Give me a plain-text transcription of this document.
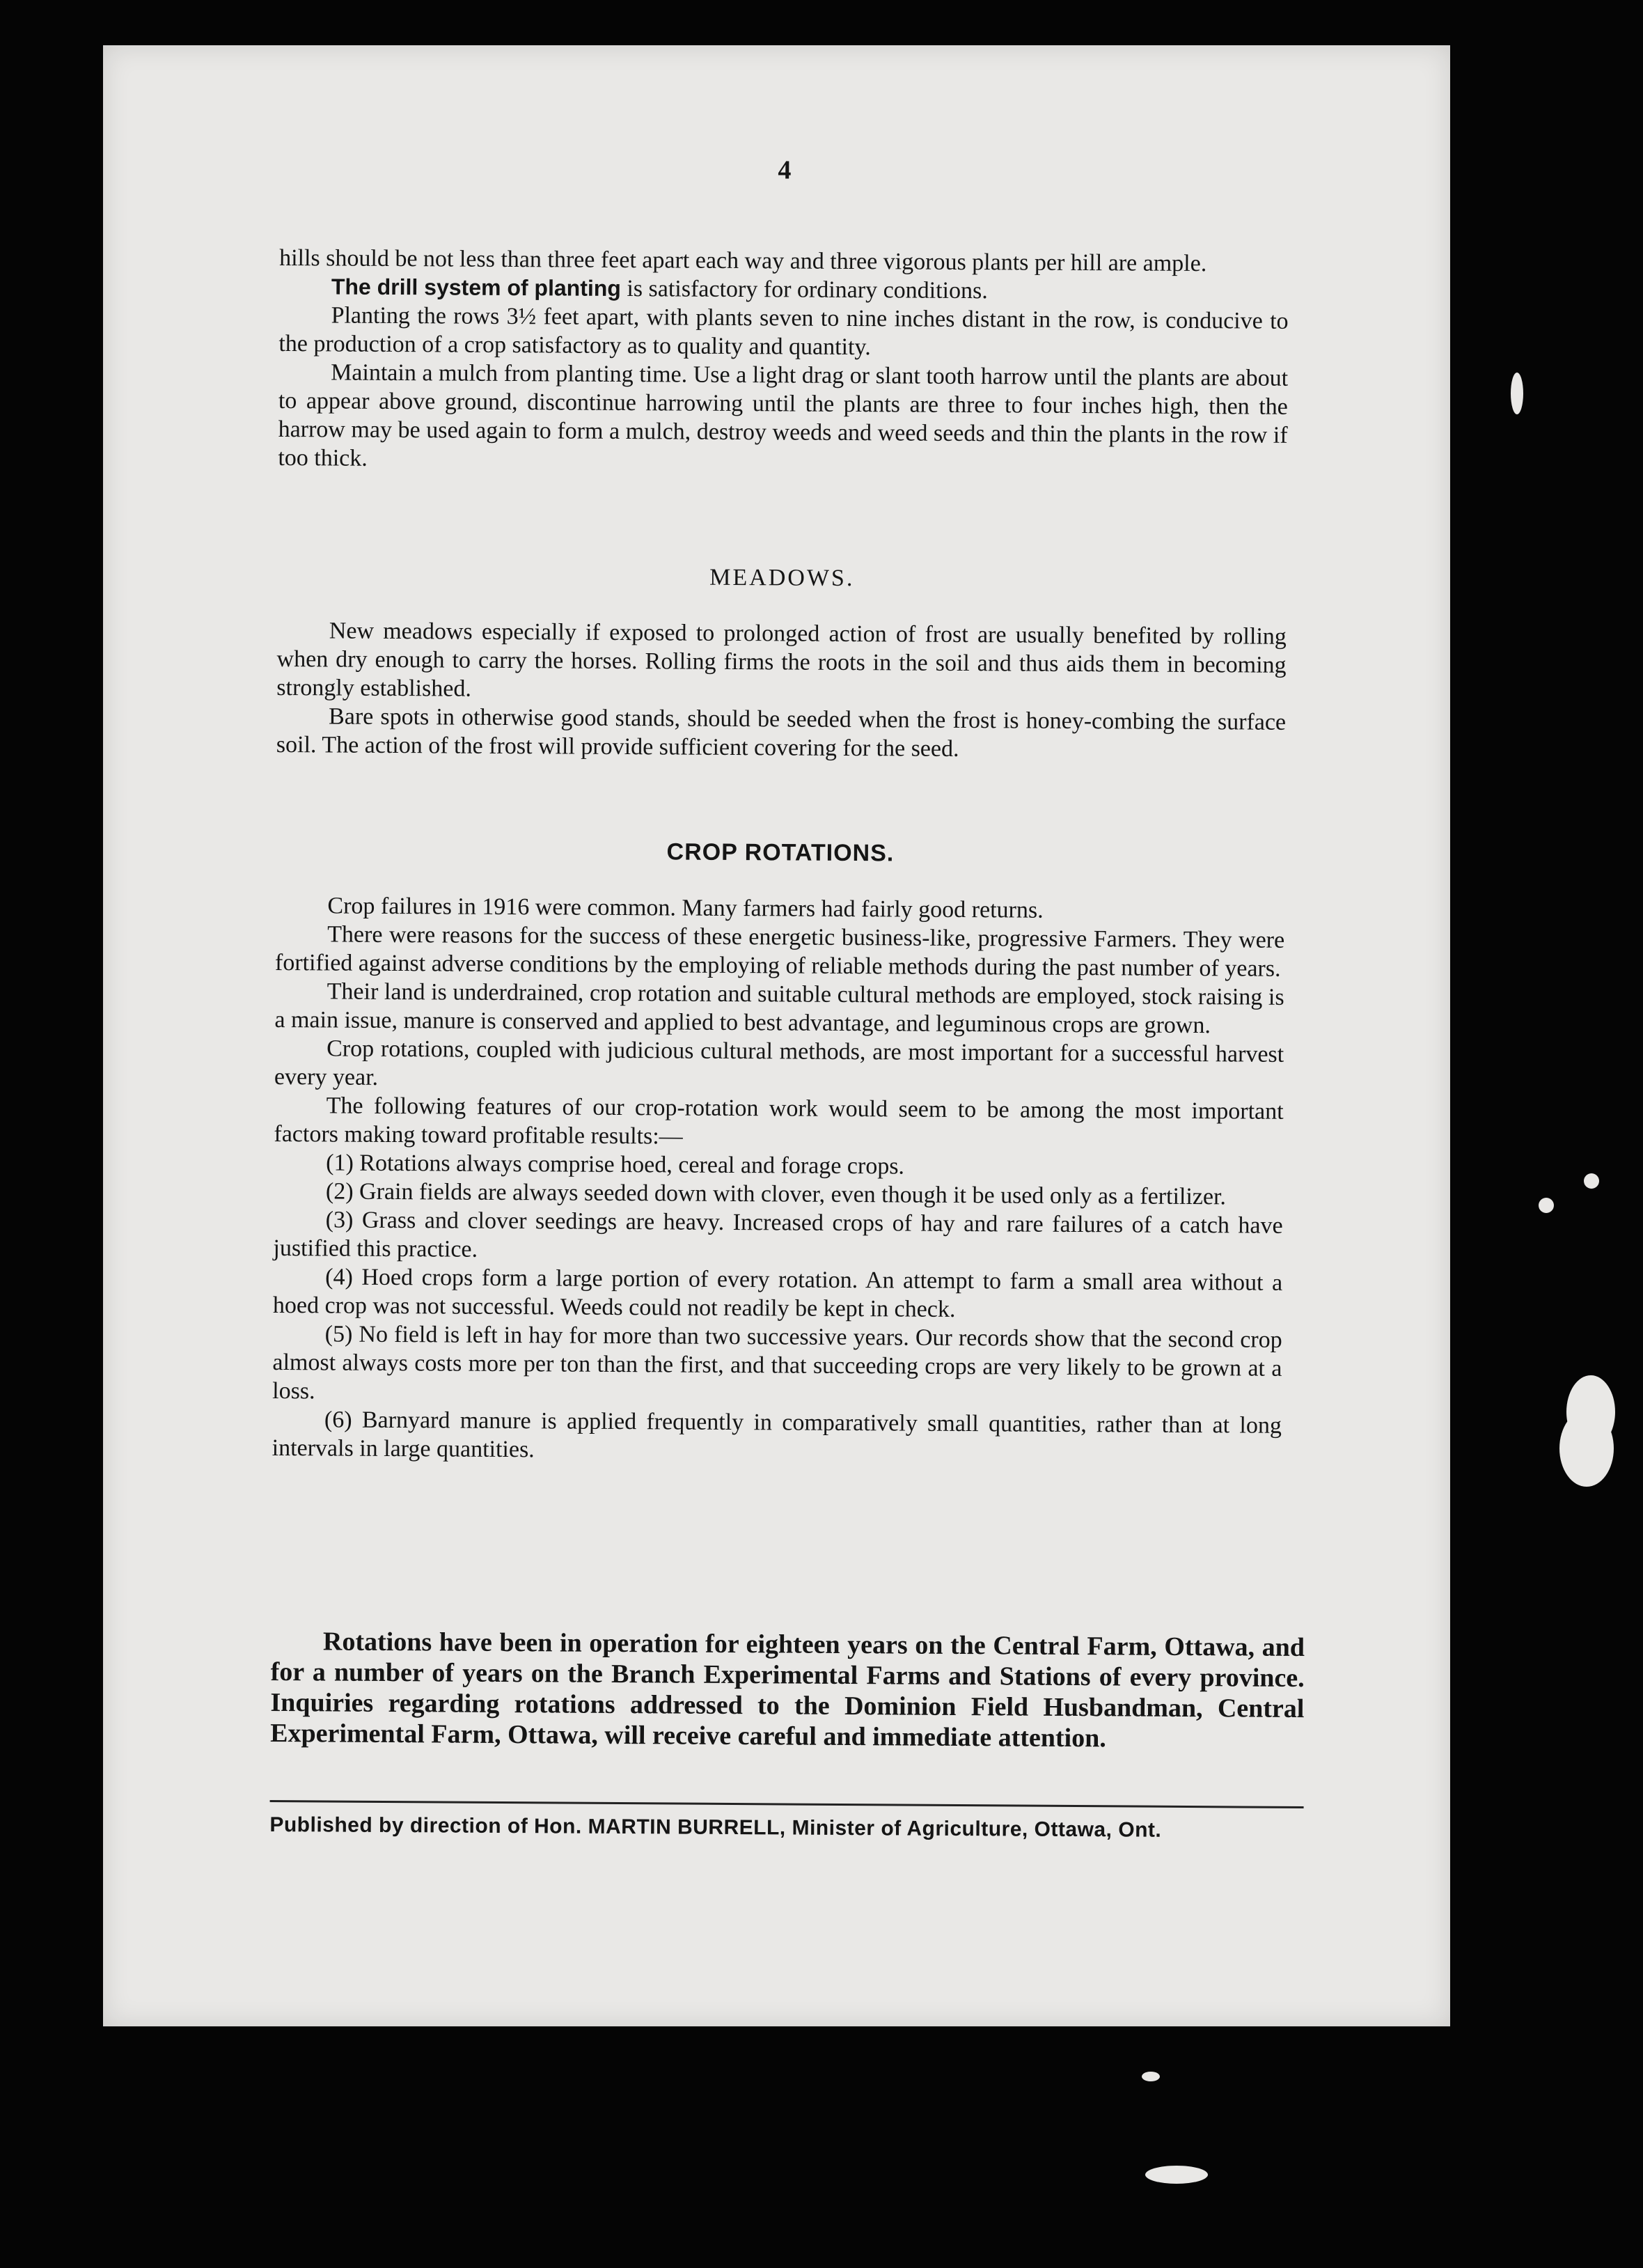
4

hills should be not less than three feet apart each way and three vigorous plants per hill are ample.

The drill system of planting is satisfactory for ordinary conditions.

Planting the rows 3½ feet apart, with plants seven to nine inches distant in the row, is conducive to the production of a crop satisfactory as to quality and quantity.

Maintain a mulch from planting time. Use a light drag or slant tooth harrow until the plants are about to appear above ground, discontinue harrowing until the plants are three to four inches high, then the harrow may be used again to form a mulch, destroy weeds and weed seeds and thin the plants in the row if too thick.

MEADOWS.

New meadows especially if exposed to prolonged action of frost are usually benefited by rolling when dry enough to carry the horses. Rolling firms the roots in the soil and thus aids them in becoming strongly established.

Bare spots in otherwise good stands, should be seeded when the frost is honey-combing the surface soil. The action of the frost will provide sufficient covering for the seed.

CROP ROTATIONS.

Crop failures in 1916 were common. Many farmers had fairly good returns.

There were reasons for the success of these energetic business-like, progressive Farmers. They were fortified against adverse conditions by the employing of reliable methods during the past number of years.

Their land is underdrained, crop rotation and suitable cultural methods are employed, stock raising is a main issue, manure is conserved and applied to best advantage, and leguminous crops are grown.

Crop rotations, coupled with judicious cultural methods, are most important for a successful harvest every year.

The following features of our crop-rotation work would seem to be among the most important factors making toward profitable results:—

(1) Rotations always comprise hoed, cereal and forage crops.

(2) Grain fields are always seeded down with clover, even though it be used only as a fertilizer.

(3) Grass and clover seedings are heavy. Increased crops of hay and rare failures of a catch have justified this practice.

(4) Hoed crops form a large portion of every rotation. An attempt to farm a small area without a hoed crop was not successful. Weeds could not readily be kept in check.

(5) No field is left in hay for more than two successive years. Our records show that the second crop almost always costs more per ton than the first, and that succeeding crops are very likely to be grown at a loss.

(6) Barnyard manure is applied frequently in comparatively small quantities, rather than at long intervals in large quantities.

Rotations have been in operation for eighteen years on the Central Farm, Ottawa, and for a number of years on the Branch Experimental Farms and Stations of every province. Inquiries regarding rotations addressed to the Dominion Field Husbandman, Central Experimental Farm, Ottawa, will receive careful and immediate attention.

Published by direction of Hon. MARTIN BURRELL, Minister of Agriculture, Ottawa, Ont.
